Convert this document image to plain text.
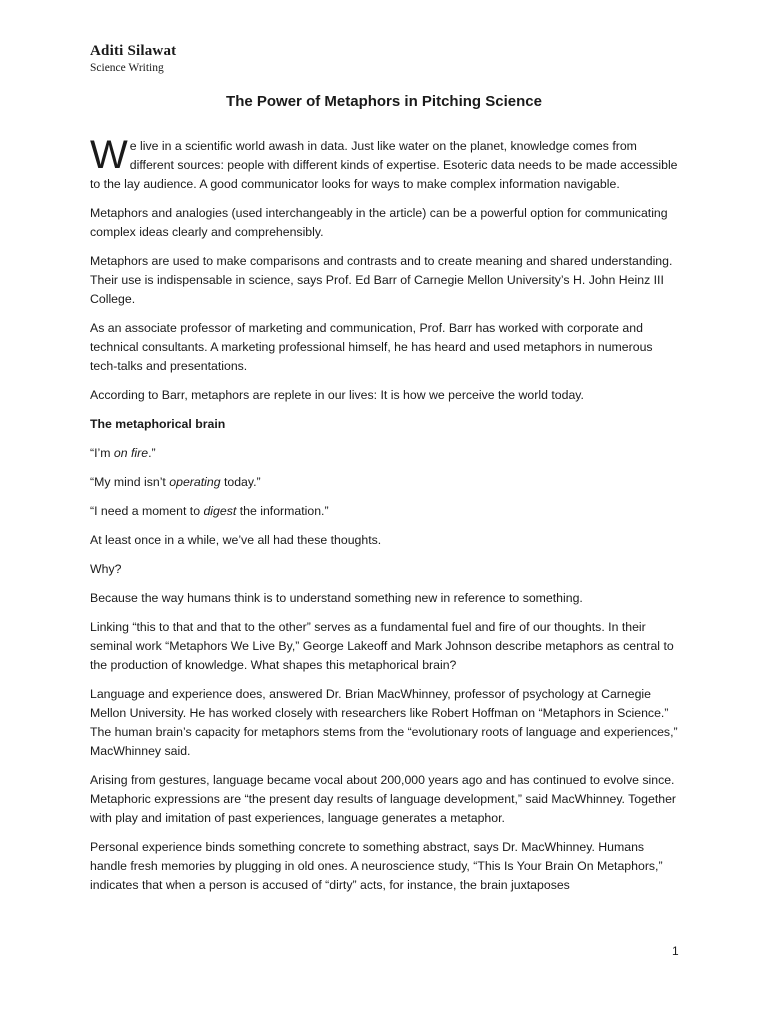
Aditi Silawat
Science Writing
The Power of Metaphors in Pitching Science

We live in a scientific world awash in data. Just like water on the planet, knowledge comes from different sources: people with different kinds of expertise. Esoteric data needs to be made accessible to the lay audience. A good communicator looks for ways to make complex information navigable.

Metaphors and analogies (used interchangeably in the article) can be a powerful option for communicating complex ideas clearly and comprehensibly.

Metaphors are used to make comparisons and contrasts and to create meaning and shared understanding. Their use is indispensable in science, says Prof. Ed Barr of Carnegie Mellon University’s H. John Heinz III College.

As an associate professor of marketing and communication, Prof. Barr has worked with corporate and technical consultants. A marketing professional himself, he has heard and used metaphors in numerous tech-talks and presentations.

According to Barr, metaphors are replete in our lives: It is how we perceive the world today.

The metaphorical brain

“I’m on fire.”

“My mind isn’t operating today.”

“I need a moment to digest the information.”

At least once in a while, we’ve all had these thoughts.

Why?

Because the way humans think is to understand something new in reference to something.

Linking “this to that and that to the other” serves as a fundamental fuel and fire of our thoughts. In their seminal work “Metaphors We Live By,” George Lakeoff and Mark Johnson describe metaphors as central to the production of knowledge. What shapes this metaphorical brain?

Language and experience does, answered Dr. Brian MacWhinney, professor of psychology at Carnegie Mellon University. He has worked closely with researchers like Robert Hoffman on “Metaphors in Science.” The human brain’s capacity for metaphors stems from the “evolutionary roots of language and experiences,” MacWhinney said.

Arising from gestures, language became vocal about 200,000 years ago and has continued to evolve since. Metaphoric expressions are “the present day results of language development,” said MacWhinney. Together with play and imitation of past experiences, language generates a metaphor.

Personal experience binds something concrete to something abstract, says Dr. MacWhinney. Humans handle fresh memories by plugging in old ones. A neuroscience study, “This Is Your Brain On Metaphors,” indicates that when a person is accused of “dirty” acts, for instance, the brain juxtaposes

1
